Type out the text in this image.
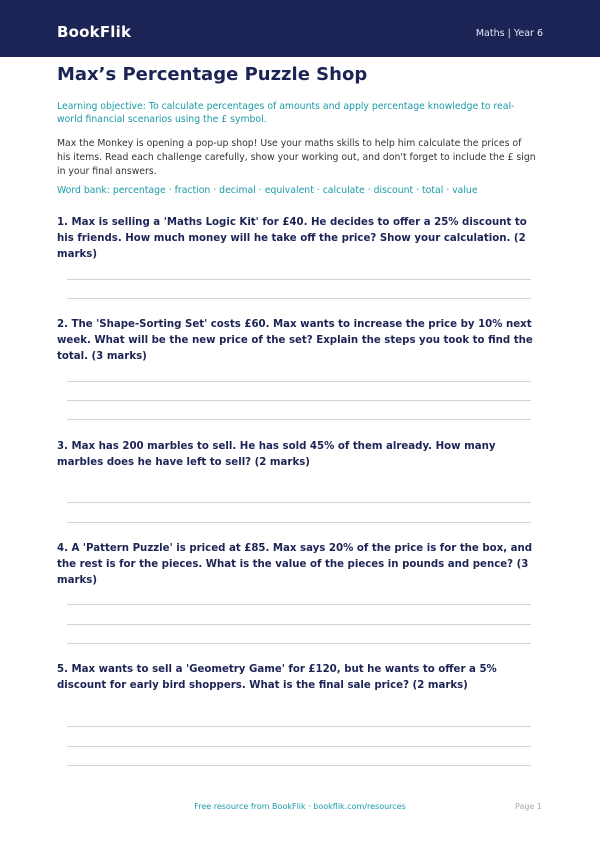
BookFlik	Maths | Year 6
Max’s Percentage Puzzle Shop
Learning objective: To calculate percentages of amounts and apply percentage knowledge to real-world financial scenarios using the £ symbol.
Max the Monkey is opening a pop-up shop! Use your maths skills to help him calculate the prices of his items. Read each challenge carefully, show your working out, and don't forget to include the £ sign in your final answers.
Word bank: percentage · fraction · decimal · equivalent · calculate · discount · total · value
1. Max is selling a 'Maths Logic Kit' for £40. He decides to offer a 25% discount to his friends. How much money will he take off the price? Show your calculation. (2 marks)
2. The 'Shape-Sorting Set' costs £60. Max wants to increase the price by 10% next week. What will be the new price of the set? Explain the steps you took to find the total. (3 marks)
3. Max has 200 marbles to sell. He has sold 45% of them already. How many marbles does he have left to sell? (2 marks)
4. A 'Pattern Puzzle' is priced at £85. Max says 20% of the price is for the box, and the rest is for the pieces. What is the value of the pieces in pounds and pence? (3 marks)
5. Max wants to sell a 'Geometry Game' for £120, but he wants to offer a 5% discount for early bird shoppers. What is the final sale price? (2 marks)
Free resource from BookFlik · bookflik.com/resources	Page 1
